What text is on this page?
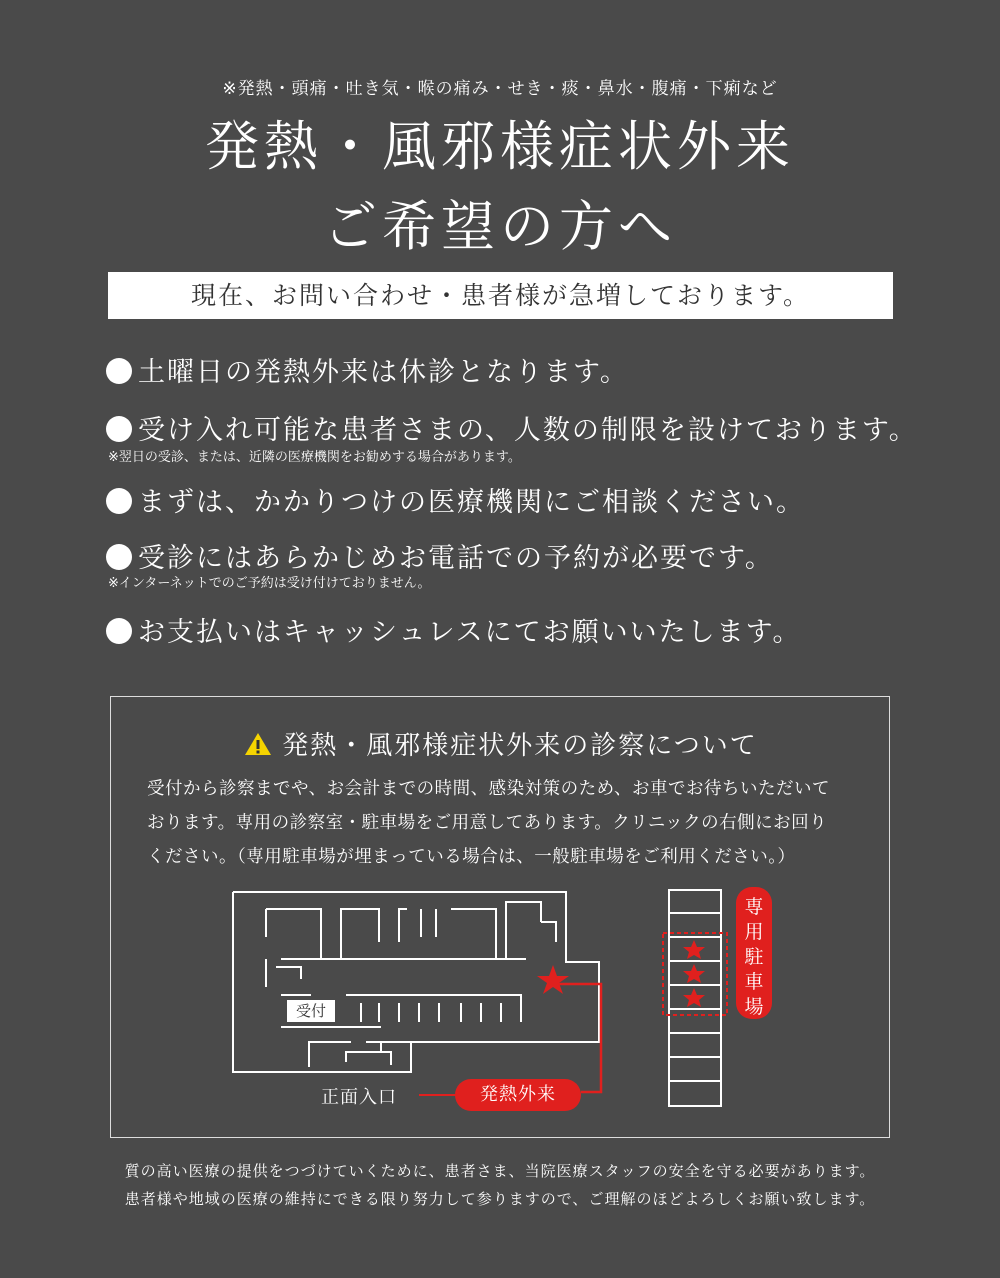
※発熱・頭痛・吐き気・喉の痛み・せき・痰・鼻水・腹痛・下痢など
発熱・風邪様症状外来
ご希望の方へ
現在、お問い合わせ・患者様が急増しております。
土曜日の発熱外来は休診となります。
受け入れ可能な患者さまの、人数の制限を設けております。
※翌日の受診、または、近隣の医療機関をお勧めする場合があります。
まずは、かかりつけの医療機関にご相談ください。
受診にはあらかじめお電話での予約が必要です。
※インターネットでのご予約は受け付けておりません。
お支払いはキャッシュレスにてお願いいたします。
発熱・風邪様症状外来の診察について
受付から診察までや、お会計までの時間、感染対策のため、お車でお待ちいただいて
おります。専用の診察室・駐車場をご用意してあります。クリニックの右側にお回り
ください。（専用駐車場が埋まっている場合は、一般駐車場をご利用ください。）
受付
正面入口	発熱外来
専
用
駐
車
場
質の高い医療の提供をつづけていくために、患者さま、当院医療スタッフの安全を守る必要があります。
患者様や地域の医療の維持にできる限り努力して参りますので、ご理解のほどよろしくお願い致します。
